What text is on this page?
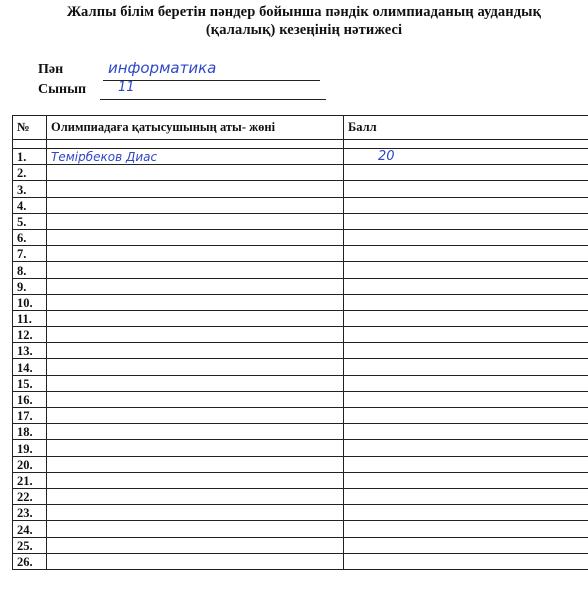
Жалпы білім беретін пәндер бойынша пәндік олимпиаданың аудандық
(қалалық) кезеңінің нәтижесі
Пән	информатика
Сынып 11
№	Олимпиадаға қатысушының аты- жөні	Балл

1.	Темірбеков Диас	20
2.		
3.		
4.		
5.		
6.		
7.		
8.		
9.		
10.		
11.		
12.		
13.		
14.		
15.		
16.		
17.		
18.		
19.		
20.		
21.		
22.		
23.		
24.		
25.		
26.		
